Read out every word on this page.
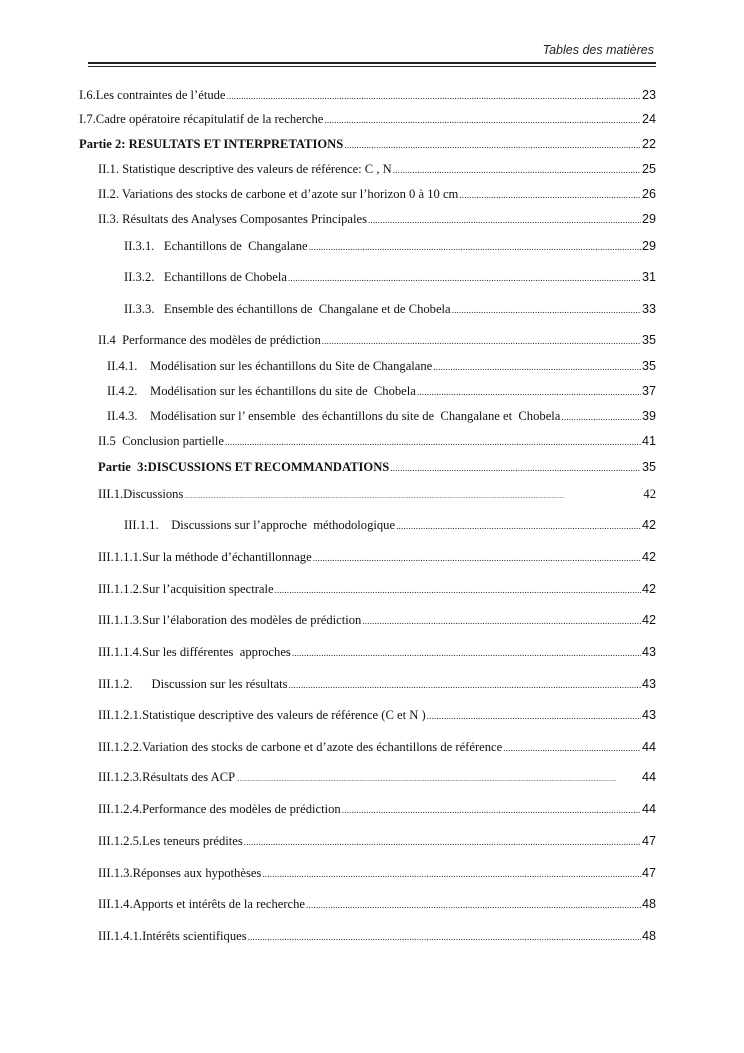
Tables des matières
I.6.Les contraintes de l’étude .....	23
I.7.Cadre opératoire récapitulatif de la recherche .....	24
Partie 2: RESULTATS ET INTERPRETATIONS .....	22
II.1. Statistique descriptive des valeurs de référence: C , N .....	25
II.2. Variations des stocks de carbone et d’azote sur l’horizon 0 à 10 cm .....	26
II.3. Résultats des Analyses Composantes Principales .....	29
II.3.1.   Echantillons de  Changalane .....	29
II.3.2.   Echantillons de Chobela .....	31
II.3.3.   Ensemble des échantillons de  Changalane et de Chobela .....	33
II.4  Performance des modèles de prédiction .....	35
II.4.1.    Modélisation sur les échantillons du Site de Changalane .....	35
II.4.2.    Modélisation sur les échantillons du site de  Chobela .....	37
II.4.3.    Modélisation sur l’ ensemble  des échantillons du site de  Changalane et  Chobela .....	39
II.5  Conclusion partielle .....	41
Partie  3:DISCUSSIONS ET RECOMMANDATIONS .....	35
III.1.Discussions .....	42
III.1.1.    Discussions sur l’approche  méthodologique .....	42
III.1.1.1.Sur la méthode d’échantillonnage .....	42
III.1.1.2.Sur l’acquisition spectrale .....	42
III.1.1.3.Sur l’élaboration des modèles de prédiction .....	42
III.1.1.4.Sur les différentes  approches .....	43
III.1.2.      Discussion sur les résultats .....	43
III.1.2.1.Statistique descriptive des valeurs de référence (C et N ) .....	43
III.1.2.2.Variation des stocks de carbone et d’azote des échantillons de référence .....	44
III.1.2.3.Résultats des ACP .....	44
III.1.2.4.Performance des modèles de prédiction .....	44
III.1.2.5.Les teneurs prédites .....	47
III.1.3.Réponses aux hypothèses .....	47
III.1.4.Apports et intérêts de la recherche .....	48
III.1.4.1.Intérêts scientifiques .....	48
